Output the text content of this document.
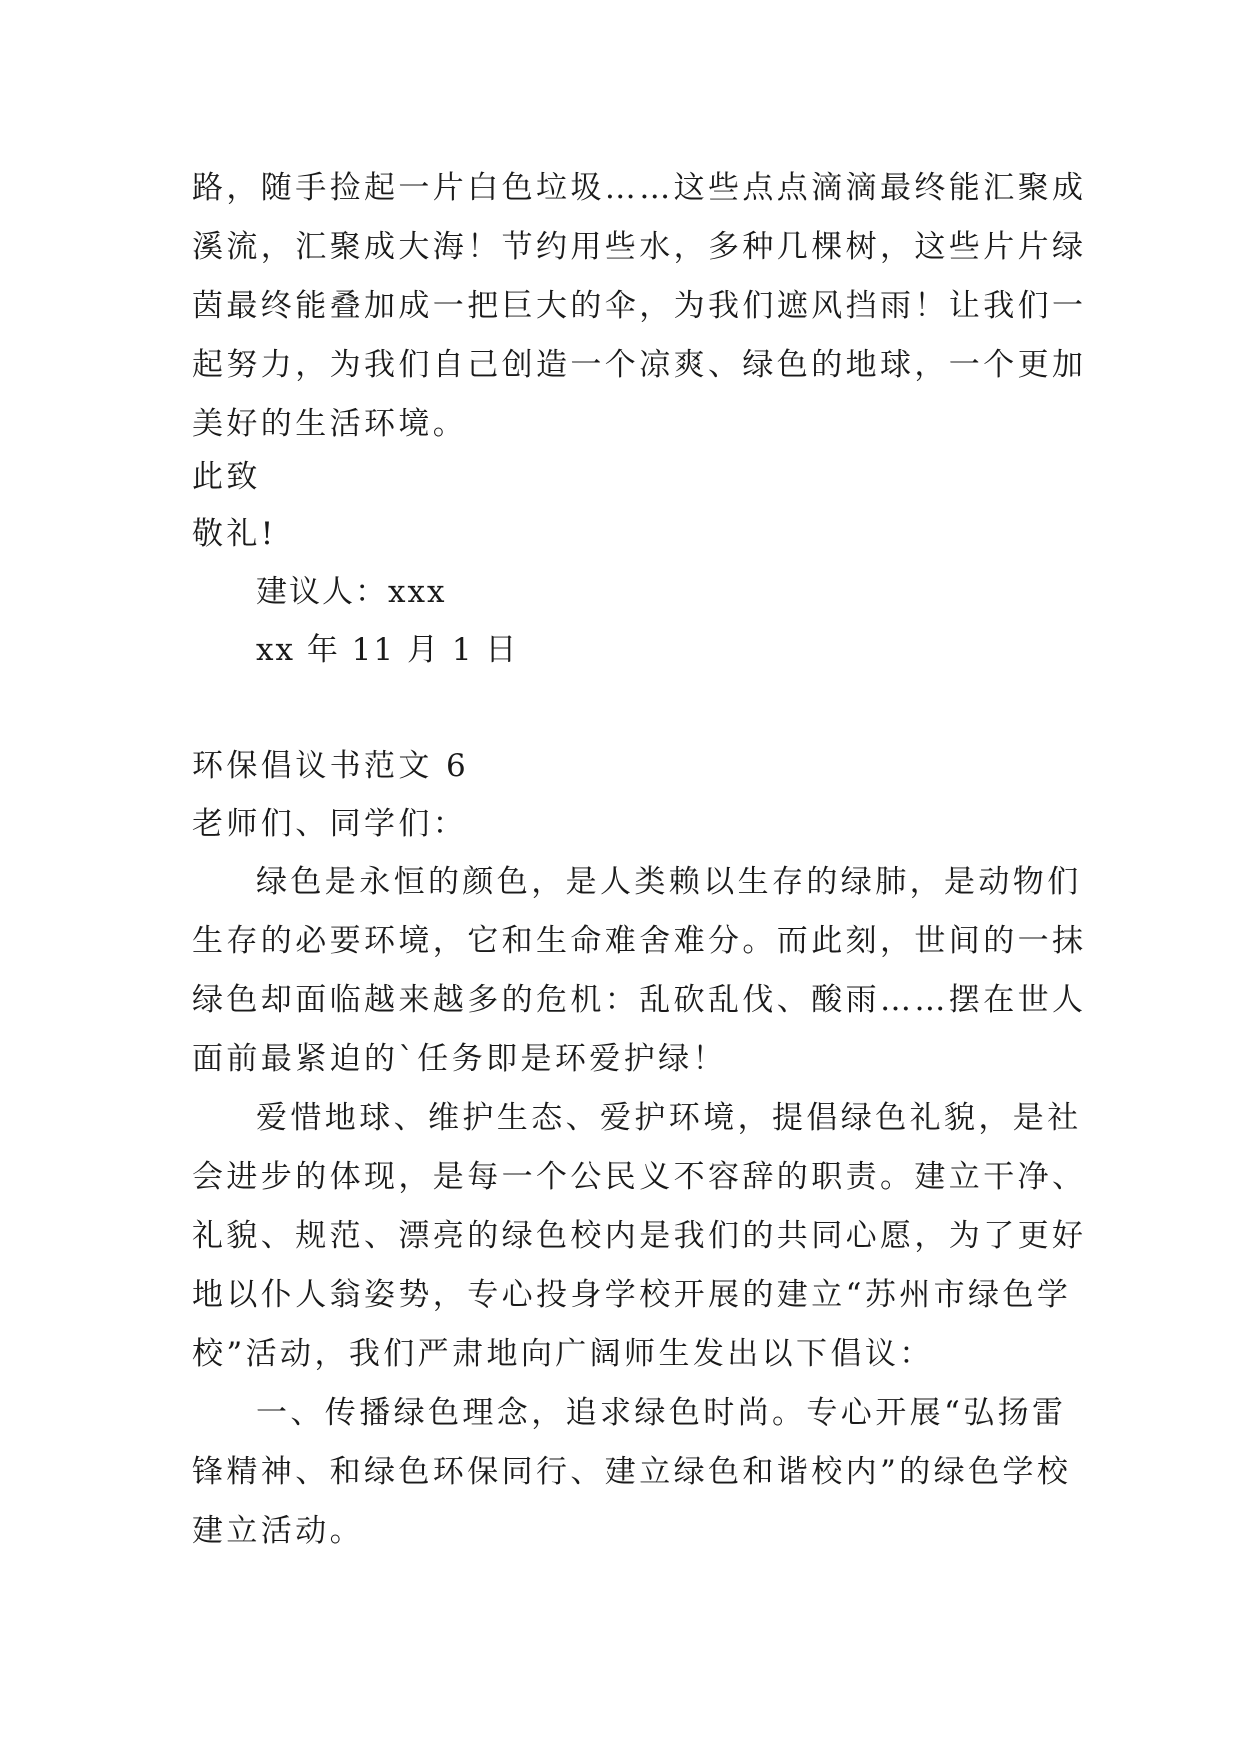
路，随手捡起一片白色垃圾……这些点点滴滴最终能汇聚成
溪流，汇聚成大海！节约用些水，多种几棵树，这些片片绿
茵最终能叠加成一把巨大的伞，为我们遮风挡雨！让我们一
起努力，为我们自己创造一个凉爽、绿色的地球，一个更加
美好的生活环境。
此致
敬礼!
建议人：xxx
xx 年 11 月 1 日
环保倡议书范文 6
老师们、同学们：
绿色是永恒的颜色，是人类赖以生存的绿肺，是动物们
生存的必要环境，它和生命难舍难分。而此刻，世间的一抹
绿色却面临越来越多的危机：乱砍乱伐、酸雨……摆在世人
面前最紧迫的`任务即是环爱护绿！
爱惜地球、维护生态、爱护环境，提倡绿色礼貌，是社
会进步的体现，是每一个公民义不容辞的职责。建立干净、
礼貌、规范、漂亮的绿色校内是我们的共同心愿，为了更好
地以仆人翁姿势，专心投身学校开展的建立“苏州市绿色学
校”活动，我们严肃地向广阔师生发出以下倡议：
一、传播绿色理念，追求绿色时尚。专心开展“弘扬雷
锋精神、和绿色环保同行、建立绿色和谐校内”的绿色学校
建立活动。
